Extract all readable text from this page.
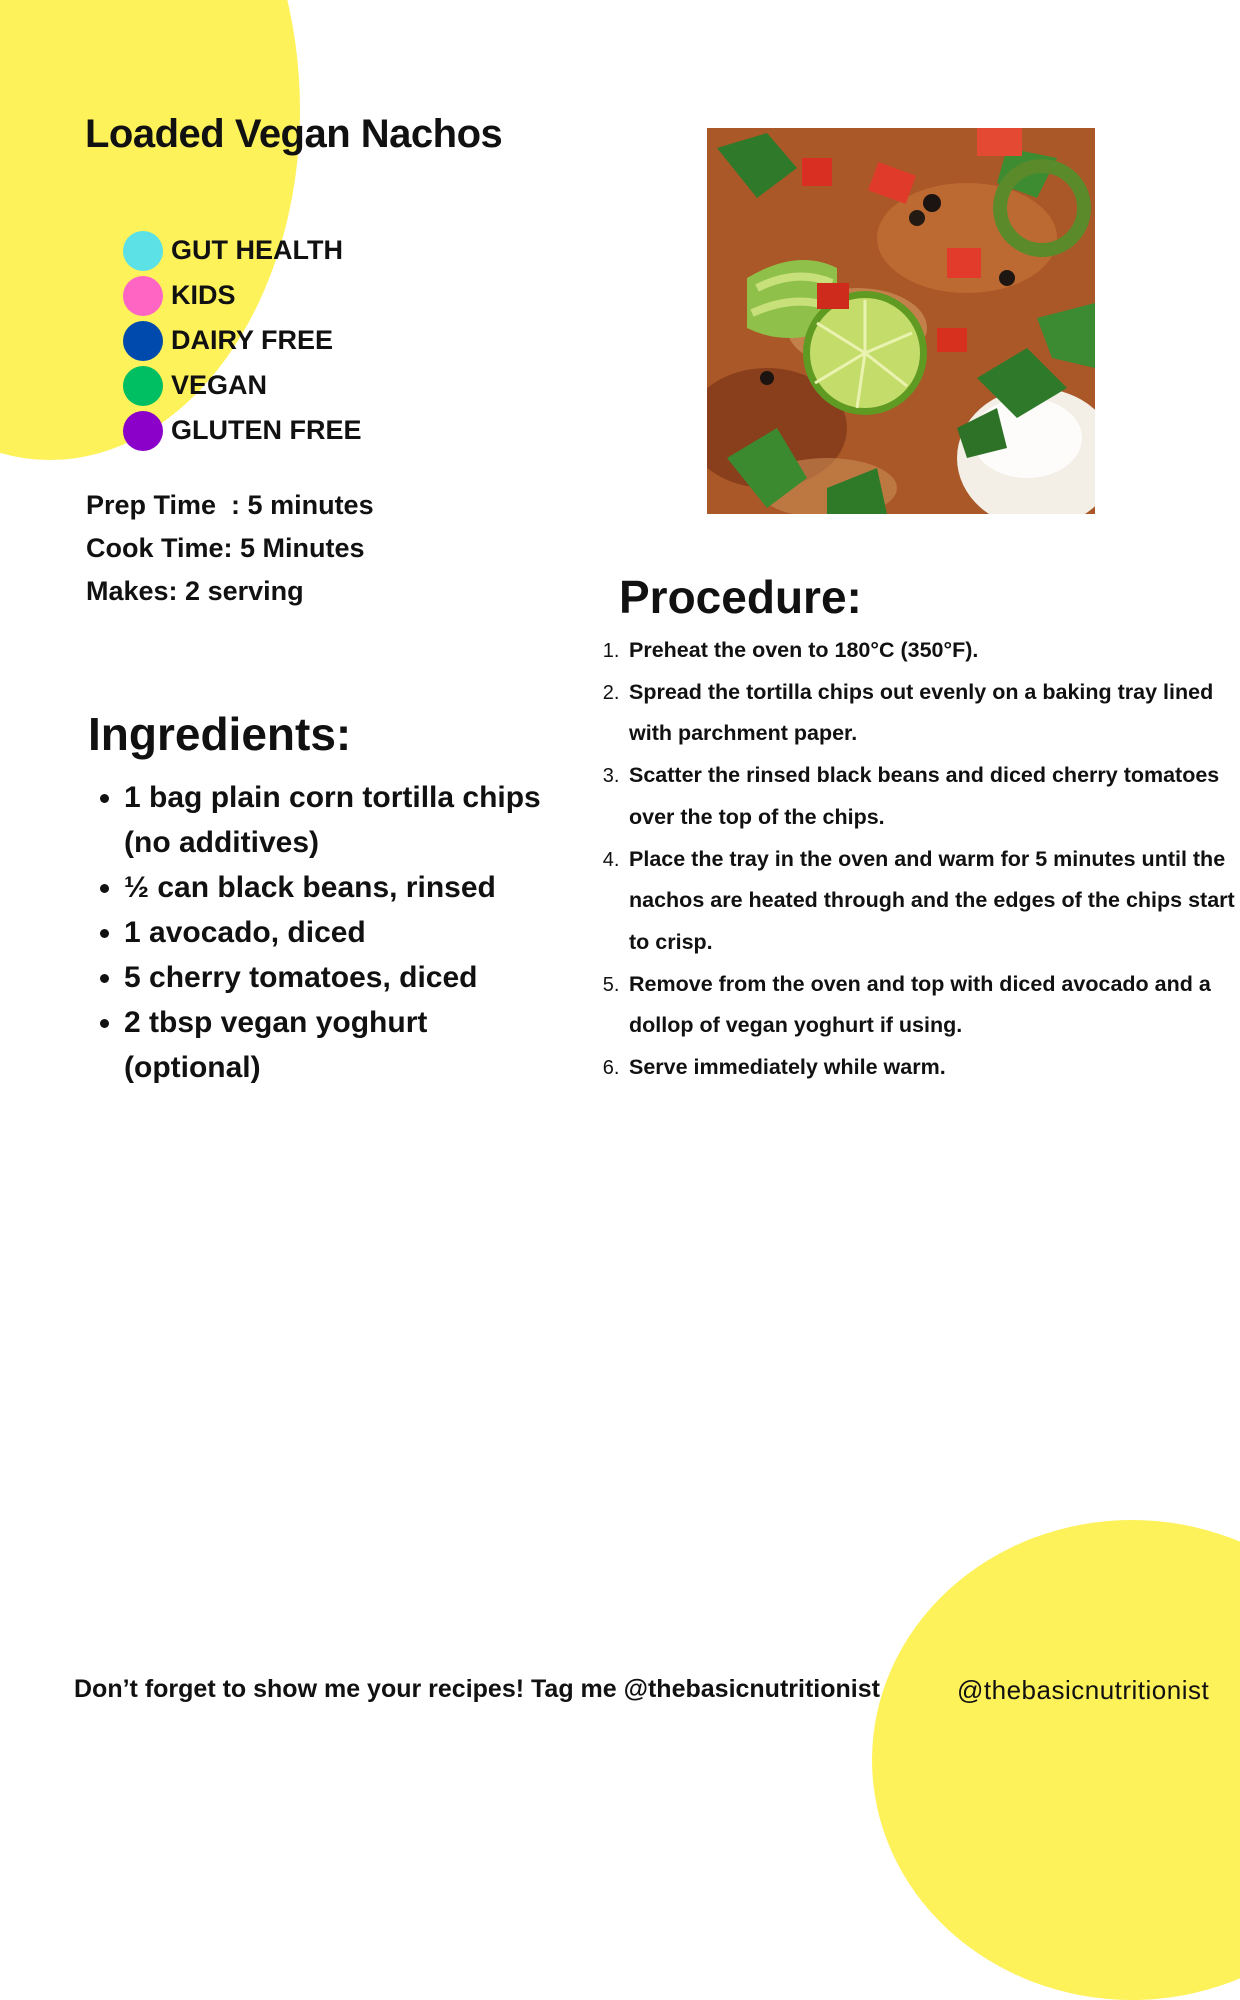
Loaded Vegan Nachos
GUT HEALTH
KIDS
DAIRY FREE
VEGAN
GLUTEN FREE
Prep Time  : 5 minutes
Cook Time: 5 Minutes
Makes: 2 serving	Procedure:
1. Preheat the oven to 180°C (350°F).
2. Spread the tortilla chips out evenly on a baking tray lined with parchment paper.
3. Scatter the rinsed black beans and diced cherry tomatoes over the top of the chips.
4. Place the tray in the oven and warm for 5 minutes until the nachos are heated through and the edges of the chips start to crisp.
5. Remove from the oven and top with diced avocado and a dollop of vegan yoghurt if using.
6. Serve immediately while warm.
Ingredients:
• 1 bag plain corn tortilla chips (no additives)
• ½ can black beans, rinsed
• 1 avocado, diced
• 5 cherry tomatoes, diced
• 2 tbsp vegan yoghurt (optional)
Don’t forget to show me your recipes! Tag me @thebasicnutritionist	@thebasicnutritionist
